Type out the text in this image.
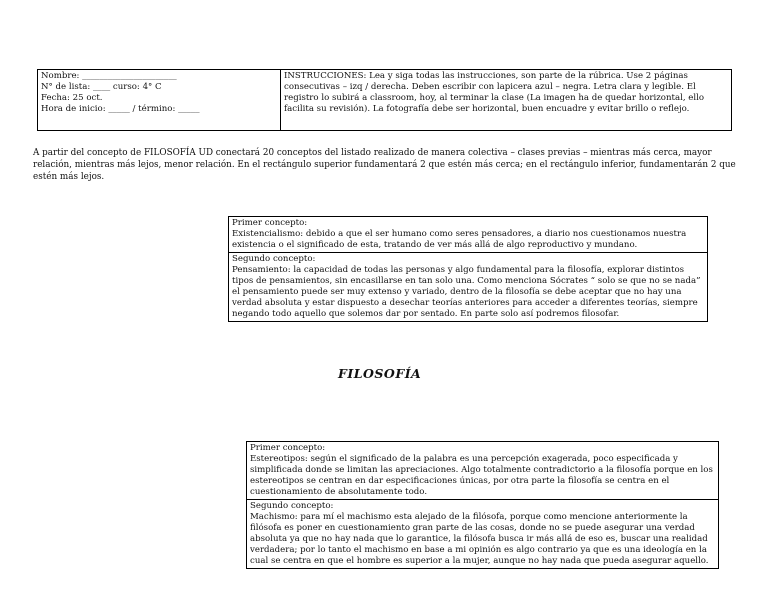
Nombre: ______________________
N° de lista: ____ curso: 4° C
Fecha: 25 oct.
Hora de inicio: _____ / término: _____
INSTRUCCIONES: Lea y siga todas las instrucciones, son parte de la rúbrica. Use 2 páginas consecutivas – izq / derecha. Deben escribir con lapicera azul – negra. Letra clara y legible. El registro lo subirá a classroom, hoy, al terminar la clase (La imagen ha de quedar horizontal, ello facilita su revisión). La fotografía debe ser horizontal, buen encuadre y evitar brillo o reflejo.
A partir del concepto de FILOSOFÍA UD conectará 20 conceptos del listado realizado de manera colectiva – clases previas – mientras más cerca, mayor relación, mientras más lejos, menor relación. En el rectángulo superior fundamentará 2 que estén más cerca; en el rectángulo inferior, fundamentarán 2 que estén más lejos.
Primer concepto:
Existencialismo: debido a que el ser humano como seres pensadores, a diario nos cuestionamos nuestra existencia o el significado de esta, tratando de ver más allá de algo reproductivo y mundano.
Segundo concepto:
Pensamiento: la capacidad de todas las personas y algo fundamental para la filosofía, explorar distintos tipos de pensamientos, sin encasillarse en tan solo una. Como menciona Sócrates “ solo se que no se nada” el pensamiento puede ser muy extenso y variado, dentro de la filosofía se debe aceptar que no hay una verdad absoluta y estar dispuesto a desechar teorías anteriores para acceder a diferentes teorías, siempre negando todo aquello que solemos dar por sentado. En parte solo así podremos filosofar.
FILOSOFÍA
Primer concepto:
Estereotipos: según el significado de la palabra es una percepción exagerada, poco especificada y simplificada donde se limitan las apreciaciones. Algo totalmente contradictorio a la filosofía porque en los estereotipos se centran en dar especificaciones únicas, por otra parte la filosofía se centra en el cuestionamiento de absolutamente todo.
Segundo concepto:
Machismo: para mí el machismo esta alejado de la filósofa, porque como mencione anteriormente la filósofa es poner en cuestionamiento gran parte de las cosas, donde no se puede asegurar una verdad absoluta ya que no hay nada que lo garantice, la filósofa busca ir más allá de eso es, buscar una realidad verdadera; por lo tanto el machismo en base a mi opinión es algo contrario ya que es una ideología en la cual se centra en que el hombre es superior a la mujer, aunque no hay nada que pueda asegurar aquello.
